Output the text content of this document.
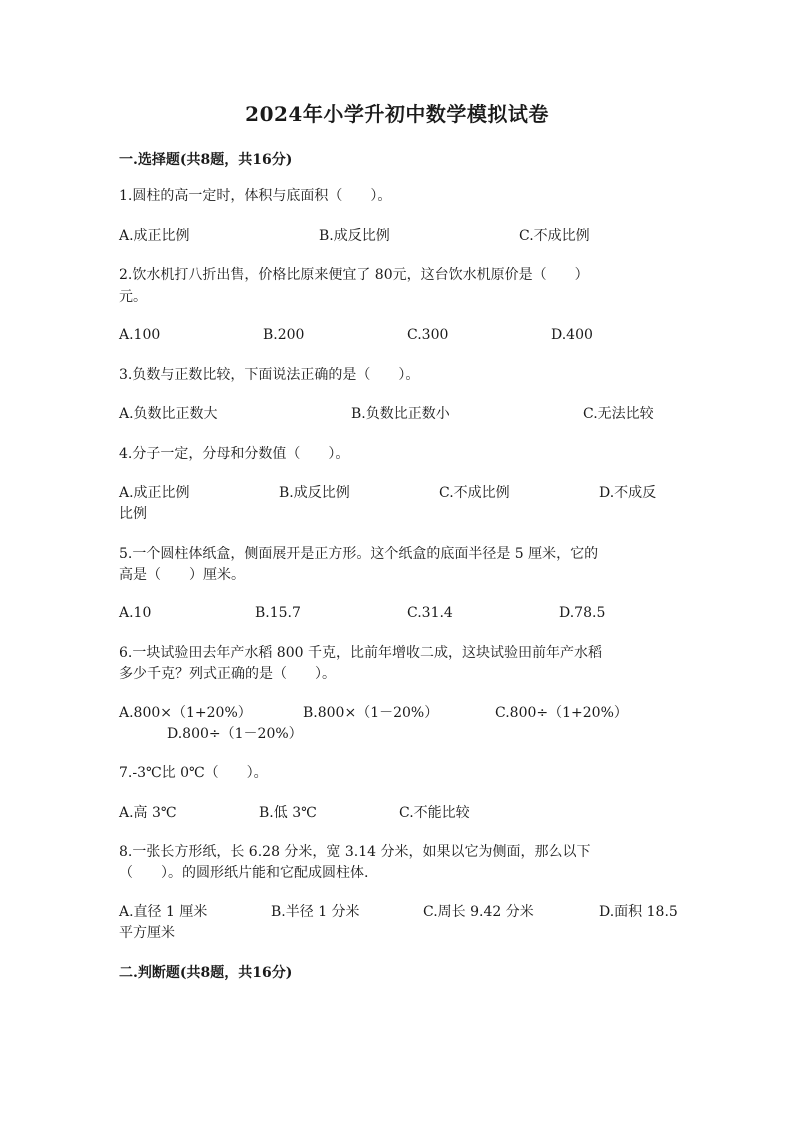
2024年小学升初中数学模拟试卷
一.选择题(共8题，共16分)
1.圆柱的高一定时，体积与底面积（　　）。
A.成正比例	B.成反比例	C.不成比例
2.饮水机打八折出售，价格比原来便宜了 80元，这台饮水机原价是（　　）
元。
A.100	B.200	C.300	D.400
3.负数与正数比较，下面说法正确的是（　　）。
A.负数比正数大	B.负数比正数小	C.无法比较
4.分子一定，分母和分数值（　　）。
A.成正比例	B.成反比例	C.不成比例	D.不成反
比例
5.一个圆柱体纸盒，侧面展开是正方形。这个纸盒的底面半径是 5 厘米，它的
高是（　　）厘米。
A.10	B.15.7	C.31.4	D.78.5
6.一块试验田去年产水稻 800 千克，比前年增收二成，这块试验田前年产水稻
多少千克？列式正确的是（　　）。
A.800×（1+20%）	B.800×（1－20%）	C.800÷（1+20%）
D.800÷（1－20%）
7.-3℃比 0℃（　　）。
A.高 3℃	B.低 3℃	C.不能比较
8.一张长方形纸，长 6.28 分米，宽 3.14 分米，如果以它为侧面，那么以下
（　　）。的圆形纸片能和它配成圆柱体.
A.直径 1 厘米	B.半径 1 分米	C.周长 9.42 分米	D.面积 18.5
平方厘米
二.判断题(共8题，共16分)
